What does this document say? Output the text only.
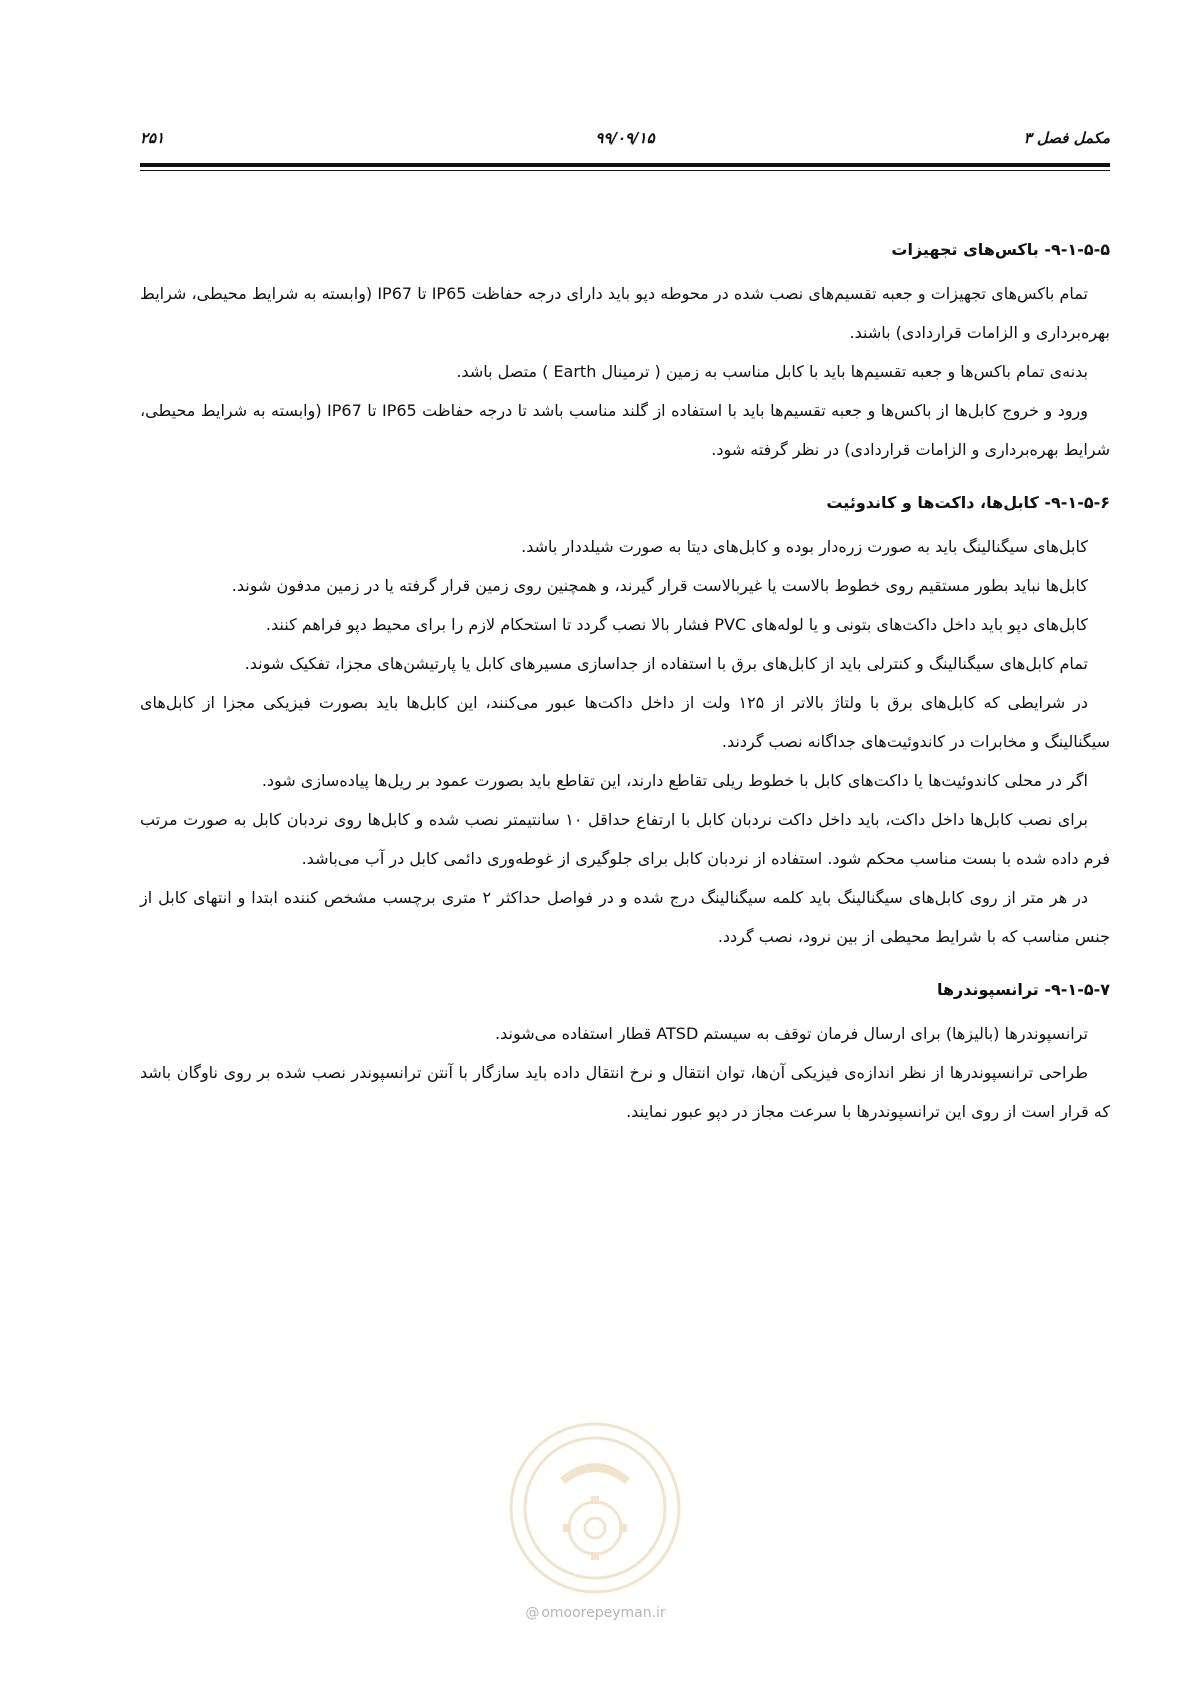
مکمل فصل ۳
۹۹/۰۹/۱۵
۲۵۱
۹-۱-۵-۵- باکس‌های تجهیزات

تمام باکس‌های تجهیزات و جعبه تقسیم‌های نصب شده در محوطه دپو باید دارای درجه حفاظت IP65 تا IP67 (وابسته به شرایط محیطی، شرایط بهره‌برداری و الزامات قراردادی) باشند.

بدنه‌ی تمام باکس‌ها و جعبه تقسیم‌ها باید با کابل مناسب به زمین ( ترمینال Earth ) متصل باشد.

ورود و خروج کابل‌ها از باکس‌ها و جعبه تقسیم‌ها باید با استفاده از گلند مناسب باشد تا درجه حفاظت IP65 تا IP67 (وابسته به شرایط محیطی، شرایط بهره‌برداری و الزامات قراردادی) در نظر گرفته شود.

۹-۱-۵-۶- کابل‌ها، داکت‌ها و کاندوئیت

کابل‌های سیگنالینگ باید به صورت زره‌دار بوده و کابل‌های دیتا به صورت شیلددار باشد.

کابل‌ها نباید بطور مستقیم روی خطوط بالاست یا غیربالاست قرار گیرند، و همچنین روی زمین قرار گرفته یا در زمین مدفون شوند.

کابل‌های دپو باید داخل داکت‌های بتونی و یا لوله‌های PVC فشار بالا نصب گردد تا استحکام لازم را برای محیط دپو فراهم کنند.

تمام کابل‌های سیگنالینگ و کنترلی باید از کابل‌های برق با استفاده از جداسازی مسیرهای کابل یا پارتیشن‌های مجزا، تفکیک شوند.

در شرایطی که کابل‌های برق با ولتاژ بالاتر از ۱۲۵ ولت از داخل داکت‌ها عبور می‌کنند، این کابل‌ها باید بصورت فیزیکی مجزا از کابل‌های سیگنالینگ و مخابرات در کاندوئیت‌های جداگانه نصب گردند.

اگر در محلی کاندوئیت‌ها یا داکت‌های کابل با خطوط ریلی تقاطع دارند، این تقاطع باید بصورت عمود بر ریل‌ها پیاده‌سازی شود.

برای نصب کابل‌ها داخل داکت، باید داخل داکت نردبان کابل با ارتفاع حداقل ۱۰ سانتیمتر نصب شده و کابل‌ها روی نردبان کابل به صورت مرتب فرم داده شده با بست مناسب محکم شود. استفاده از نردبان کابل برای جلوگیری از غوطه‌وری دائمی کابل در آب می‌باشد.

در هر متر از روی کابل‌های سیگنالینگ باید کلمه سیگنالینگ درج شده و در فواصل حداکثر ۲ متری برچسب مشخص کننده ابتدا و انتهای کابل از جنس مناسب که با شرایط محیطی از بین نرود، نصب گردد.

۹-۱-۵-۷- ترانسپوندرها

ترانسپوندرها (بالیزها) برای ارسال فرمان توقف به سیستم ATSD قطار استفاده می‌شوند.

طراحی ترانسپوندرها از نظر اندازه‌ی فیزیکی آن‌ها، توان انتقال و نرخ انتقال داده باید سازگار با آنتن ترانسپوندر نصب شده بر روی ناوگان باشد که قرار است از روی این ترانسپوندرها با سرعت مجاز در دپو عبور نمایند.

@ omoorepeyman.ir
